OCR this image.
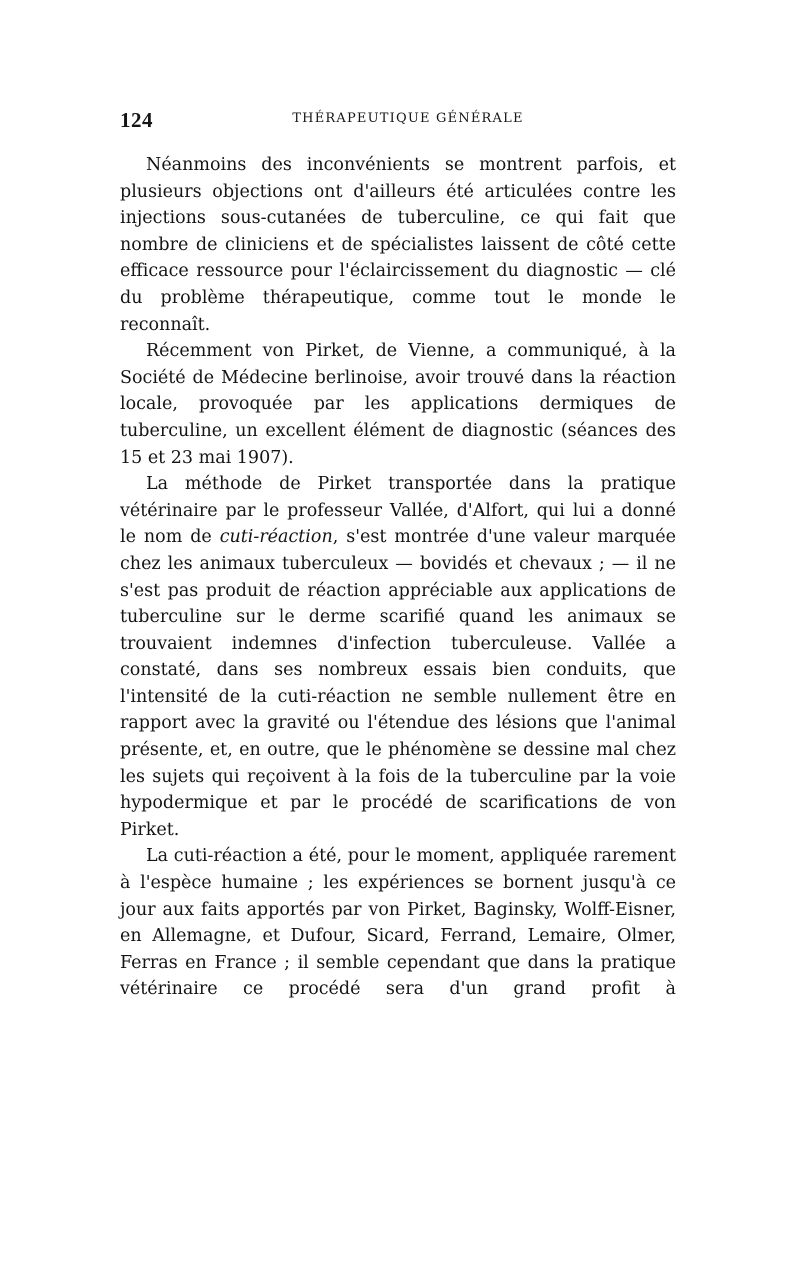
124	THÉRAPEUTIQUE GÉNÉRALE

Néanmoins des inconvénients se montrent parfois, et plusieurs objections ont d'ailleurs été articulées contre les injections sous-cutanées de tuberculine, ce qui fait que nombre de cliniciens et de spécialistes laissent de côté cette efficace ressource pour l'éclaircissement du diagnostic — clé du problème thérapeutique, comme tout le monde le reconnaît.

Récemment von Pirket, de Vienne, a communiqué, à la Société de Médecine berlinoise, avoir trouvé dans la réaction locale, provoquée par les applications dermiques de tuberculine, un excellent élément de diagnostic (séances des 15 et 23 mai 1907).

La méthode de Pirket transportée dans la pratique vétérinaire par le professeur Vallée, d'Alfort, qui lui a donné le nom de cuti-réaction, s'est montrée d'une valeur marquée chez les animaux tuberculeux — bovidés et chevaux ; — il ne s'est pas produit de réaction appréciable aux applications de tuberculine sur le derme scarifié quand les animaux se trouvaient indemnes d'infection tuberculeuse. Vallée a constaté, dans ses nombreux essais bien conduits, que l'intensité de la cuti-réaction ne semble nullement être en rapport avec la gravité ou l'étendue des lésions que l'animal présente, et, en outre, que le phénomène se dessine mal chez les sujets qui reçoivent à la fois de la tuberculine par la voie hypodermique et par le procédé de scarifications de von Pirket.

La cuti-réaction a été, pour le moment, appliquée rarement à l'espèce humaine ; les expériences se bornent jusqu'à ce jour aux faits apportés par von Pirket, Baginsky, Wolff-Eisner, en Allemagne, et Dufour, Sicard, Ferrand, Lemaire, Olmer, Ferras en France ; il semble cependant que dans la pratique vétérinaire ce procédé sera d'un grand profit à
